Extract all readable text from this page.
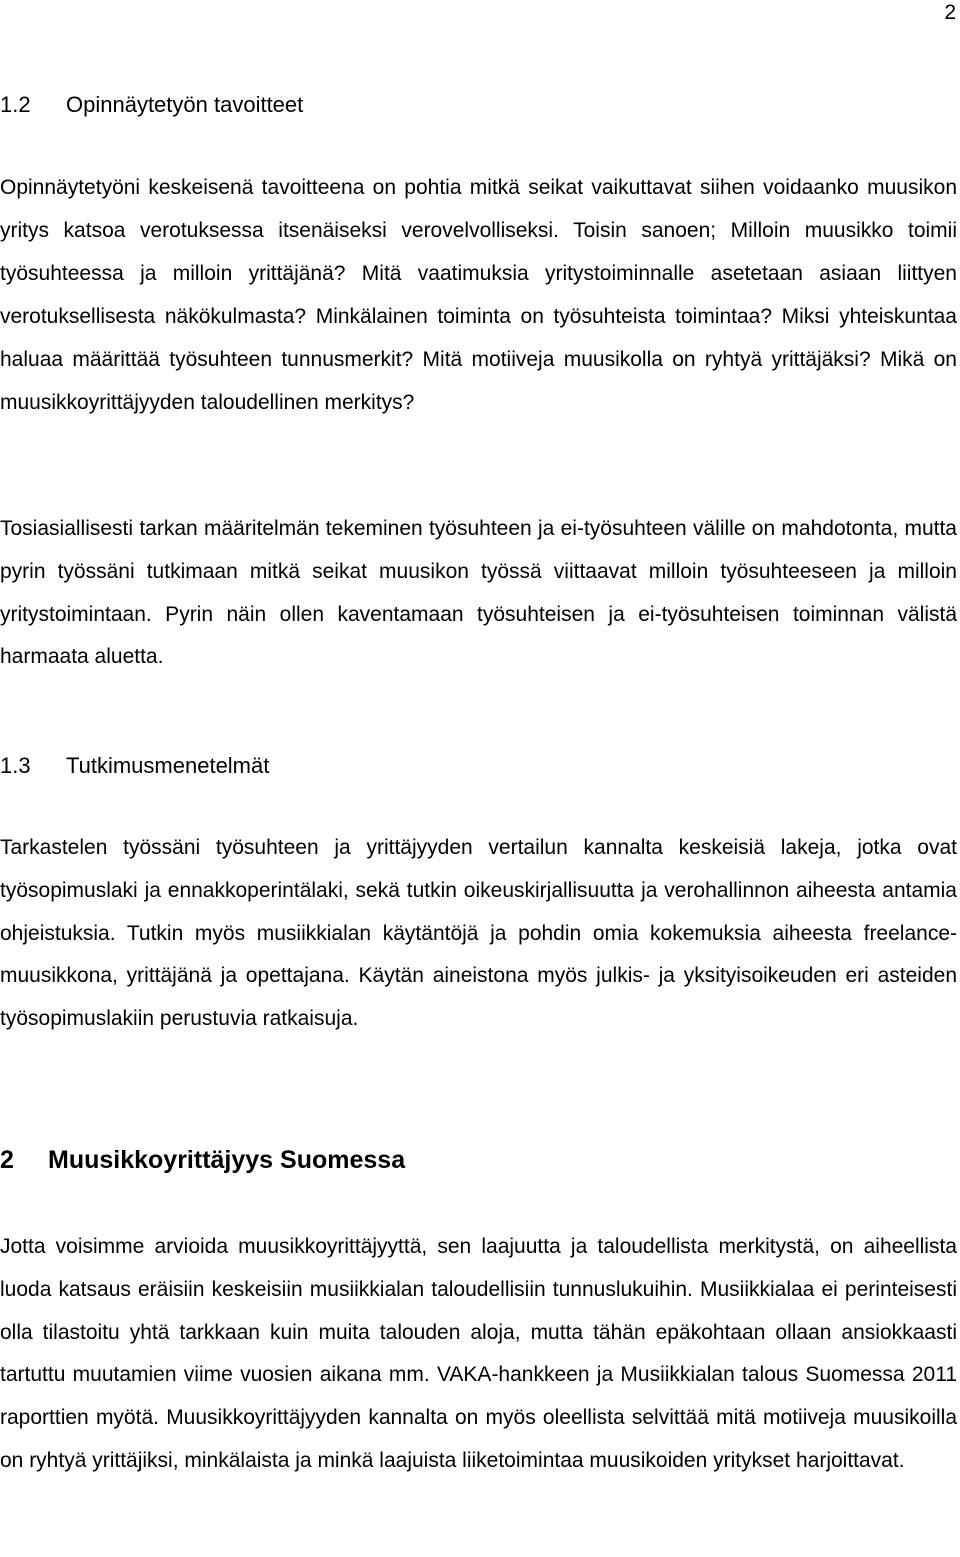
2
1.2 Opinnäytetyön tavoitteet

Opinnäytetyöni keskeisenä tavoitteena on pohtia mitkä seikat vaikuttavat siihen voidaanko muusikon yritys katsoa verotuksessa itsenäiseksi verovelvolliseksi. Toisin sanoen; Milloin muusikko toimii työsuhteessa ja milloin yrittäjänä? Mitä vaatimuksia yritystoiminnalle asetetaan asiaan liittyen verotuksellisesta näkökulmasta? Minkälainen toiminta on työsuhteista toimintaa? Miksi yhteiskuntaa haluaa määrittää työsuhteen tunnusmerkit? Mitä motiiveja muusikolla on ryhtyä yrittäjäksi? Mikä on muusikkoyrittäjyyden taloudellinen merkitys?

Tosiasiallisesti tarkan määritelmän tekeminen työsuhteen ja ei-työsuhteen välille on mahdotonta, mutta pyrin työssäni tutkimaan mitkä seikat muusikon työssä viittaavat milloin työsuhteeseen ja milloin yritystoimintaan. Pyrin näin ollen kaventamaan työsuhteisen ja ei-työsuhteisen toiminnan välistä harmaata aluetta.

1.3 Tutkimusmenetelmät

Tarkastelen työssäni työsuhteen ja yrittäjyyden vertailun kannalta keskeisiä lakeja, jotka ovat työsopimuslaki ja ennakkoperintälaki, sekä tutkin oikeuskirjallisuutta ja verohallinnon aiheesta antamia ohjeistuksia. Tutkin myös musiikkialan käytäntöjä ja pohdin omia kokemuksia aiheesta freelance-muusikkona, yrittäjänä ja opettajana. Käytän aineistona myös julkis- ja yksityisoikeuden eri asteiden työsopimuslakiin perustuvia ratkaisuja.

2 Muusikkoyrittäjyys Suomessa

Jotta voisimme arvioida muusikkoyrittäjyyttä, sen laajuutta ja taloudellista merkitystä, on aiheellista luoda katsaus eräisiin keskeisiin musiikkialan taloudellisiin tunnuslukuihin. Musiikkialaa ei perinteisesti olla tilastoitu yhtä tarkkaan kuin muita talouden aloja, mutta tähän epäkohtaan ollaan ansiokkaasti tartuttu muutamien viime vuosien aikana mm. VAKA-hankkeen ja Musiikkialan talous Suomessa 2011 raporttien myötä. Muusikkoyrittäjyyden kannalta on myös oleellista selvittää mitä motiiveja muusikoilla on ryhtyä yrittäjiksi, minkälaista ja minkä laajuista liiketoimintaa muusikoiden yritykset harjoittavat.
